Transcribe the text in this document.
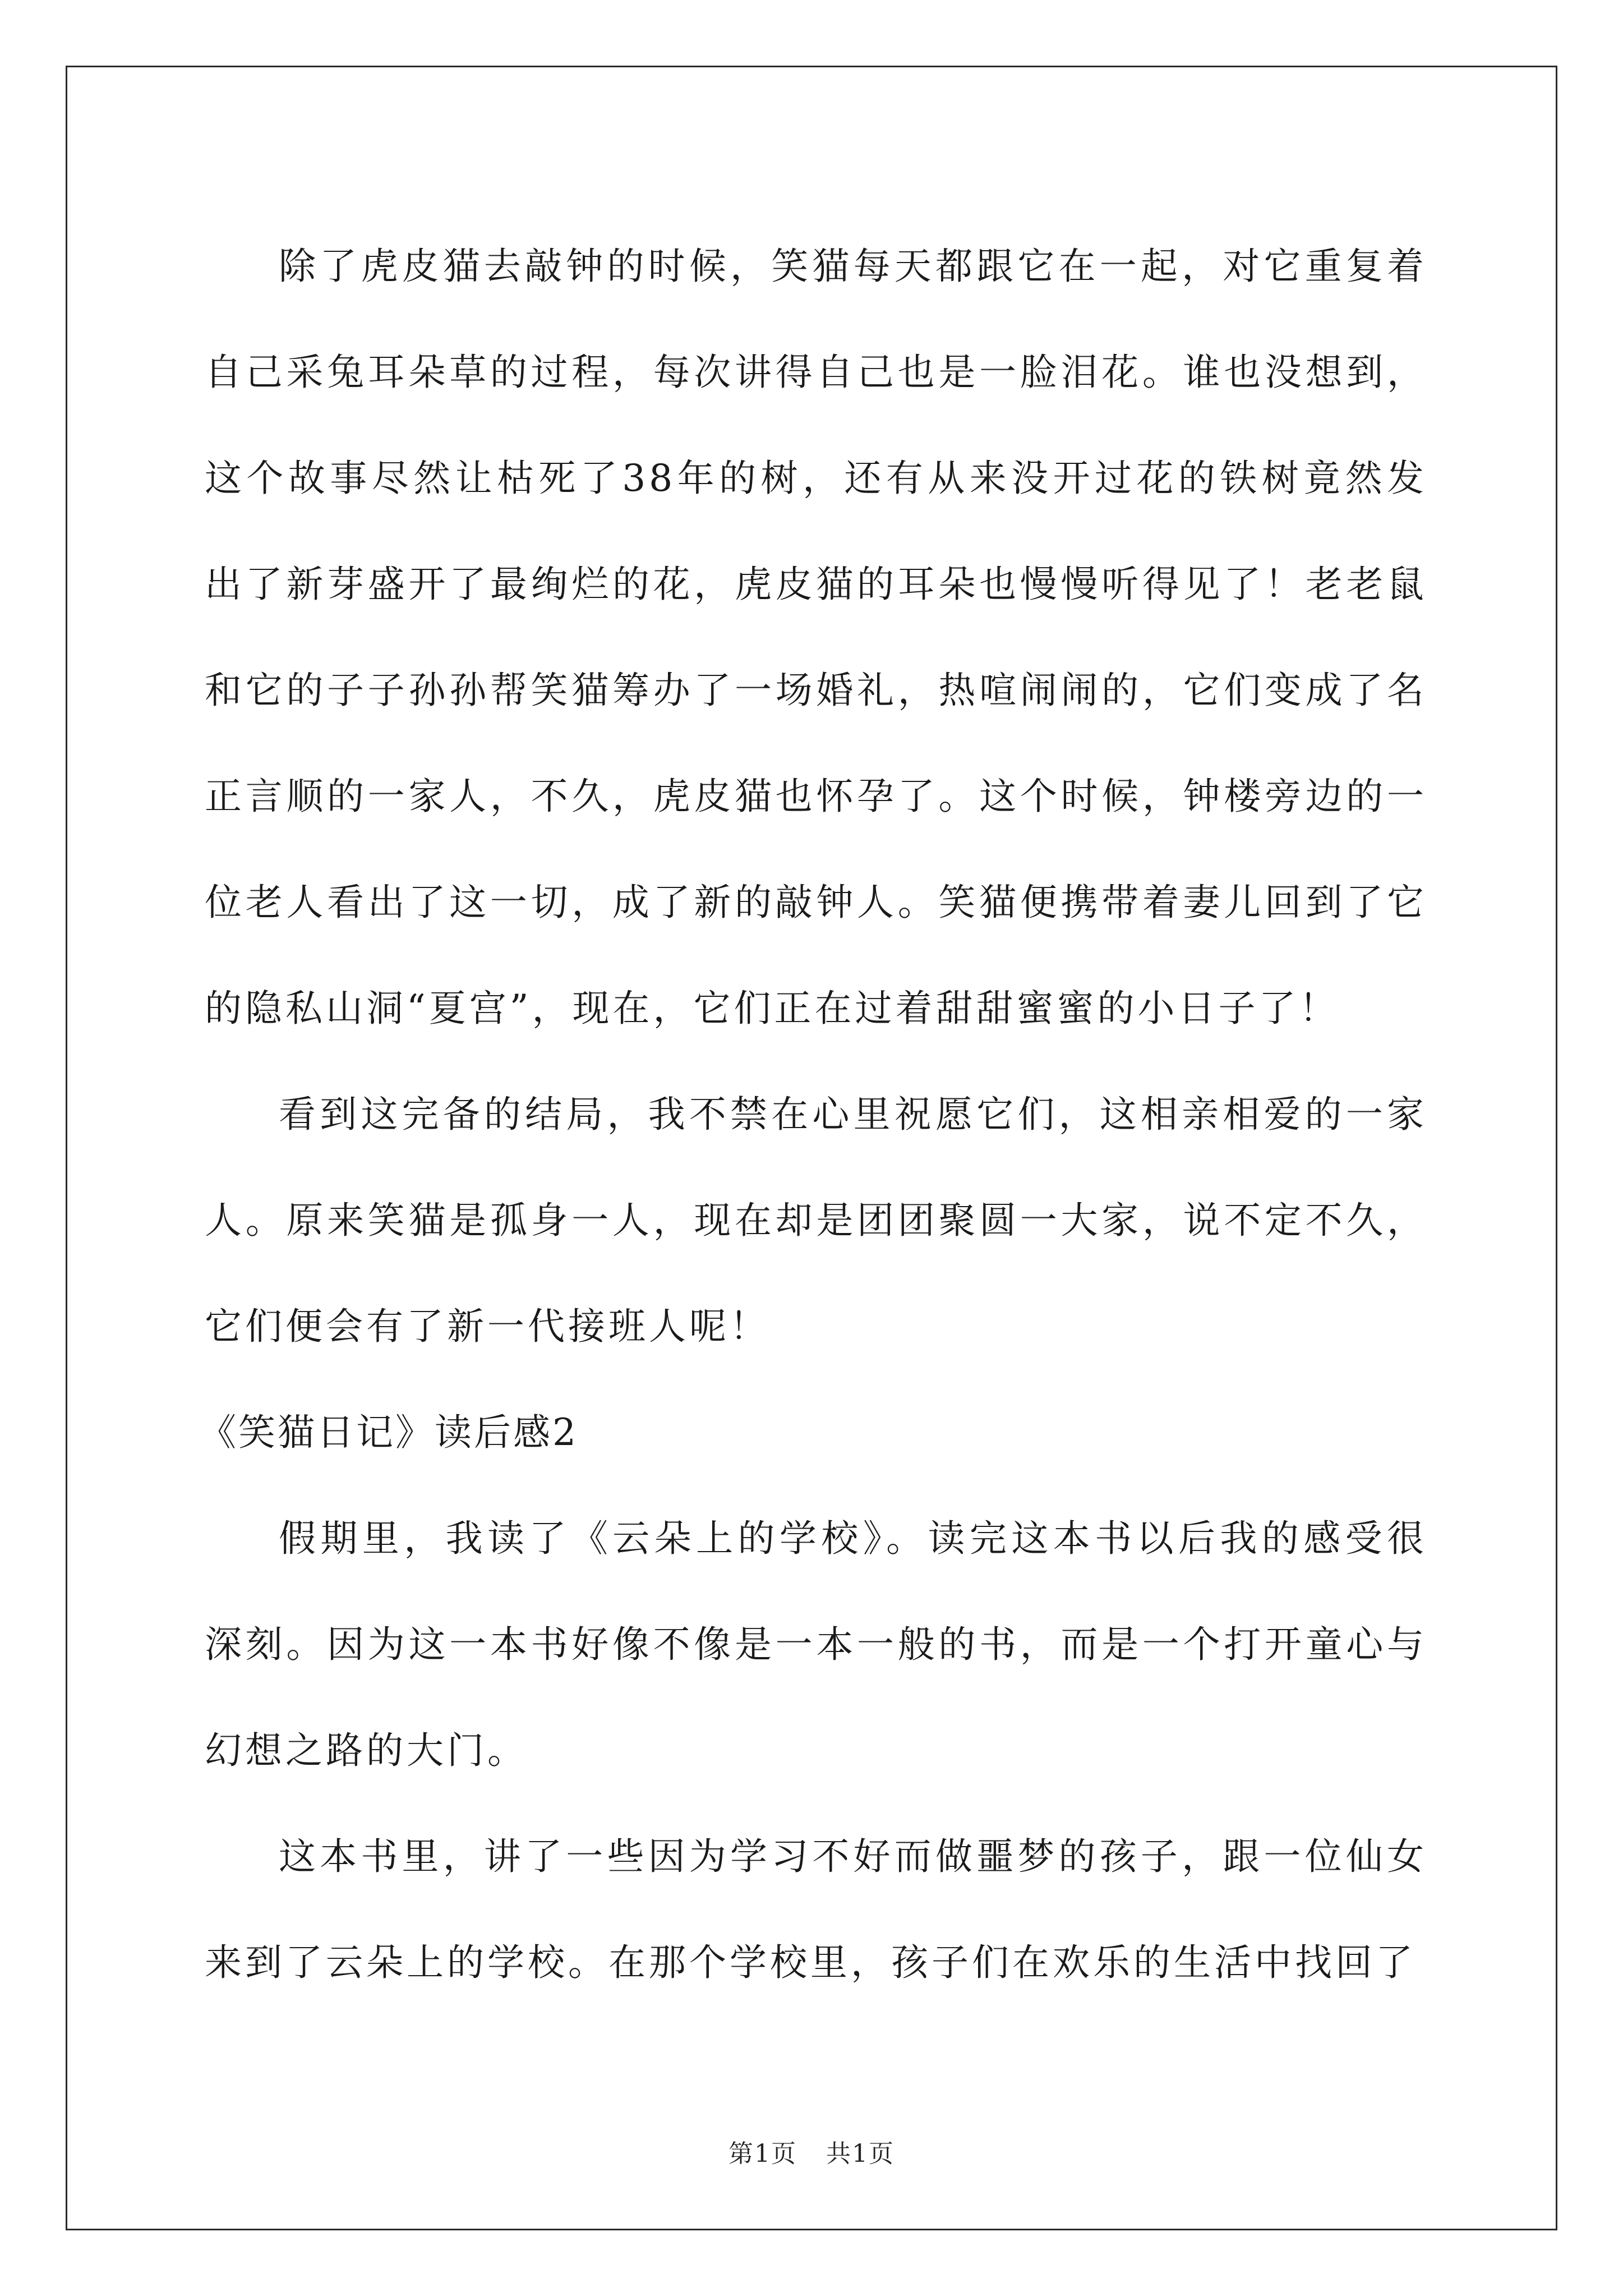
除了虎皮猫去敲钟的时候，笑猫每天都跟它在一起，对它重复着自己采兔耳朵草的过程，每次讲得自己也是一脸泪花。谁也没想到，这个故事尽然让枯死了38年的树，还有从来没开过花的铁树竟然发出了新芽盛开了最绚烂的花，虎皮猫的耳朵也慢慢听得见了！老老鼠和它的子子孙孙帮笑猫筹办了一场婚礼，热喧闹闹的，它们变成了名正言顺的一家人，不久，虎皮猫也怀孕了。这个时候，钟楼旁边的一位老人看出了这一切，成了新的敲钟人。笑猫便携带着妻儿回到了它的隐私山洞“夏宫”，现在，它们正在过着甜甜蜜蜜的小日子了！

看到这完备的结局，我不禁在心里祝愿它们，这相亲相爱的一家人。原来笑猫是孤身一人，现在却是团团聚圆一大家，说不定不久，它们便会有了新一代接班人呢！

《笑猫日记》读后感2

假期里，我读了《云朵上的学校》。读完这本书以后我的感受很深刻。因为这一本书好像不像是一本一般的书，而是一个打开童心与幻想之路的大门。

这本书里，讲了一些因为学习不好而做噩梦的孩子，跟一位仙女来到了云朵上的学校。在那个学校里，孩子们在欢乐的生活中找回了

第1页 共1页
